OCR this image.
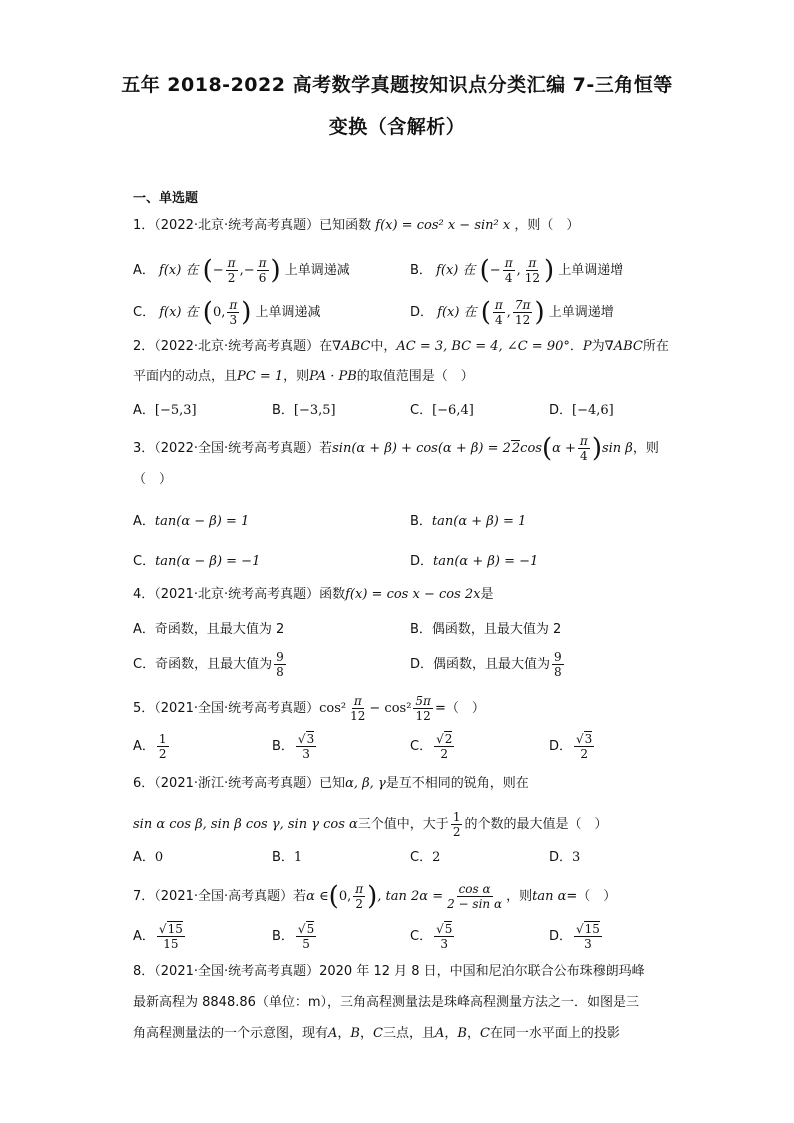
五年 2018-2022 高考数学真题按知识点分类汇编 7-三角恒等
变换（含解析）
一、单选题
1．（2022·北京·统考高考真题）已知函数 f(x) = cos² x − sin² x ，则（　）
A． f(x) 在 (− $\frac{\pi}{2}$ ,− $\frac{\pi}{6}$ ) 上单调递减	B． f(x) 在 (− $\frac{\pi}{4}$ , $\frac{\pi}{12}$ ) 上单调递增
C． f(x) 在 (0, $\frac{\pi}{3}$ ) 上单调递减	D． f(x) 在 ( $\frac{\pi}{4}$ , $\frac{7\pi}{12}$ ) 上单调递增
2．（2022·北京·统考高考真题）在∇ABC中，AC = 3, BC = 4, ∠C = 90°．P为∇ABC所在
平面内的动点，且PC = 1，则PA · PB的取值范围是（　）
A．[−5,3]	B．[−3,5]	C．[−6,4]	D．[−4,6]
3．（2022·全国·统考高考真题）若$\sin(\alpha + \beta) + \cos(\alpha + \beta) = 22\cos(\alpha + \frac{\pi}{4} )\sin$ β，则
（　）
A．tan(α − β) = 1	B．tan(α + β) = 1
C．tan(α − β) = −1	D．tan(α + β) = −1
4．（2021·北京·统考高考真题）函数f(x) = cos x − cos 2x是
A．奇函数，且最大值为 2	B．偶函数，且最大值为 2
C．奇函数，且最大值为 $\frac{9}{8}$	D．偶函数，且最大值为 $\frac{9}{8}$
5．（2021·全国·统考高考真题）$\cos^2 \frac{\pi}{12} - \cos^2 \frac{5\pi}{12}$ =（　）
A． $\frac{1}{2}$	B． $\frac{√3}{3}$	C． $\frac{√2}{2}$	D． $\frac{√3}{2}$
6．（2021·浙江·统考高考真题）已知α, β, γ是互不相同的锐角，则在
sin α cos β, sin β cos γ, sin γ cos α三个值中，大于 $\frac{1}{2}$ 的个数的最大值是（　）
A．0	B．1	C．2	D．3
7．（2021·全国·高考真题）若α ∈(0, $\frac{\pi}{2}$ ), $\tan 2\alpha = \frac{\text{cos α}}{\text{2 − sin α}}$ ，则tan α=（　）
A． $\frac{√15}{15}$	B． $\frac{√5}{5}$	C． $\frac{√5}{3}$	D． $\frac{√15}{3}$
8．（2021·全国·统考高考真题）2020 年 12 月 8 日，中国和尼泊尔联合公布珠穆朗玛峰
最新高程为 8848.86（单位：m），三角高程测量法是珠峰高程测量方法之一．如图是三
角高程测量法的一个示意图，现有A，B，C三点，且A，B，C在同一水平面上的投影
